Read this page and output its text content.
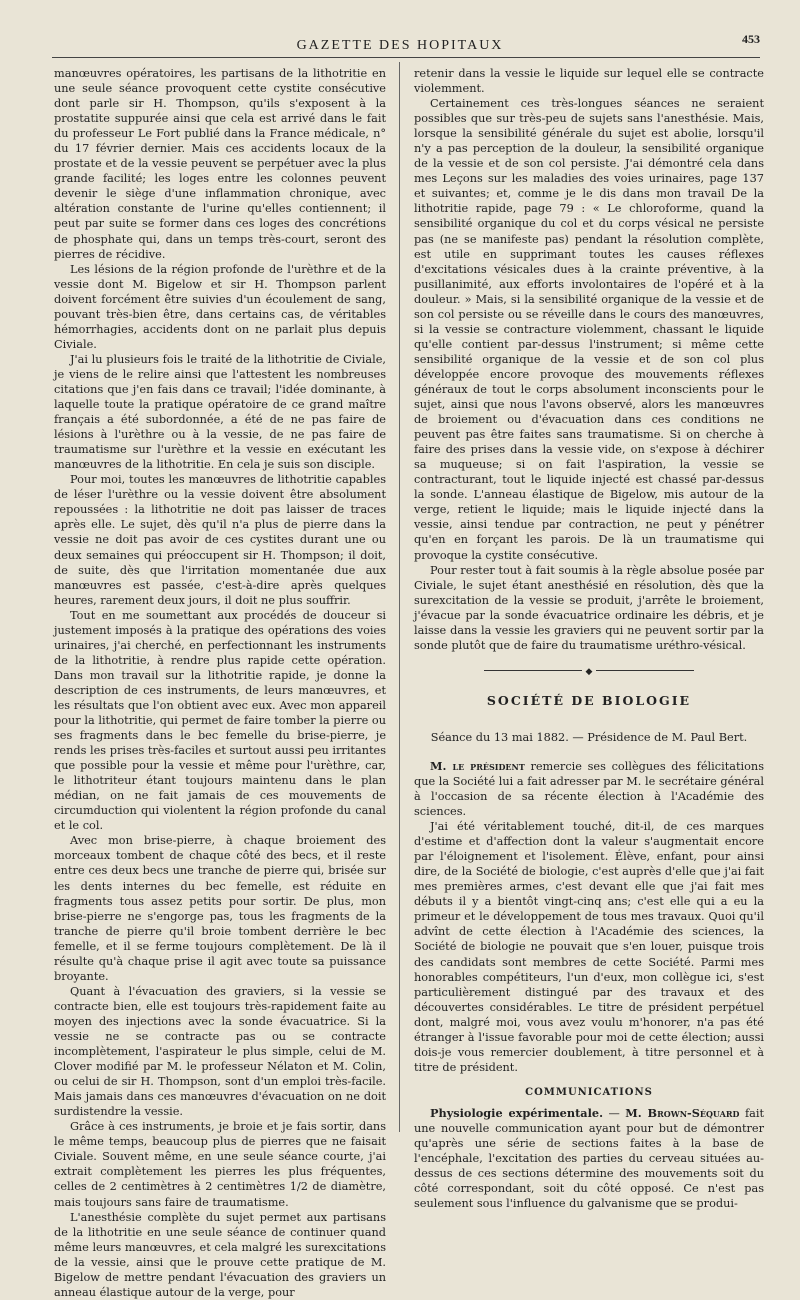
GAZETTE DES HOPITAUX	453

manœuvres opératoires, les partisans de la lithotritie en une seule séance provoquent cette cystite consécutive dont parle sir H. Thompson, qu'ils s'exposent à la prostatite suppurée ainsi que cela est arrivé dans le fait du professeur Le Fort publié dans la France médicale, n° du 17 février dernier. Mais ces accidents locaux de la prostate et de la vessie peuvent se perpétuer avec la plus grande facilité; les loges entre les colonnes peuvent devenir le siège d'une inflammation chronique, avec altération constante de l'urine qu'elles contiennent; il peut par suite se former dans ces loges des concrétions de phosphate qui, dans un temps très-court, seront des pierres de récidive.

Les lésions de la région profonde de l'urèthre et de la vessie dont M. Bigelow et sir H. Thompson parlent doivent forcément être suivies d'un écoulement de sang, pouvant très-bien être, dans certains cas, de véritables hémorrhagies, accidents dont on ne parlait plus depuis Civiale.

J'ai lu plusieurs fois le traité de la lithotritie de Civiale, je viens de le relire ainsi que l'attestent les nombreuses citations que j'en fais dans ce travail; l'idée dominante, à laquelle toute la pratique opératoire de ce grand maître français a été subordonnée, a été de ne pas faire de lésions à l'urèthre ou à la vessie, de ne pas faire de traumatisme sur l'urèthre et la vessie en exécutant les manœuvres de la lithotritie. En cela je suis son disciple.

Pour moi, toutes les manœuvres de lithotritie capables de léser l'urèthre ou la vessie doivent être absolument repoussées : la lithotritie ne doit pas laisser de traces après elle. Le sujet, dès qu'il n'a plus de pierre dans la vessie ne doit pas avoir de ces cystites durant une ou deux semaines qui préoccupent sir H. Thompson; il doit, de suite, dès que l'irritation momentanée due aux manœuvres est passée, c'est-à-dire après quelques heures, rarement deux jours, il doit ne plus souffrir.

Tout en me soumettant aux procédés de douceur si justement imposés à la pratique des opérations des voies urinaires, j'ai cherché, en perfectionnant les instruments de la lithotritie, à rendre plus rapide cette opération. Dans mon travail sur la lithotritie rapide, je donne la description de ces instruments, de leurs manœuvres, et les résultats que l'on obtient avec eux. Avec mon appareil pour la lithotritie, qui permet de faire tomber la pierre ou ses fragments dans le bec femelle du brise-pierre, je rends les prises très-faciles et surtout aussi peu irritantes que possible pour la vessie et même pour l'urèthre, car, le lithotriteur étant toujours maintenu dans le plan médian, on ne fait jamais de ces mouvements de circumduction qui violentent la région profonde du canal et le col.

Avec mon brise-pierre, à chaque broiement des morceaux tombent de chaque côté des becs, et il reste entre ces deux becs une tranche de pierre qui, brisée sur les dents internes du bec femelle, est réduite en fragments tous assez petits pour sortir. De plus, mon brise-pierre ne s'engorge pas, tous les fragments de la tranche de pierre qu'il broie tombent derrière le bec femelle, et il se ferme toujours complètement. De là il résulte qu'à chaque prise il agit avec toute sa puissance broyante.

Quant à l'évacuation des graviers, si la vessie se contracte bien, elle est toujours très-rapidement faite au moyen des injections avec la sonde évacuatrice. Si la vessie ne se contracte pas ou se contracte incomplètement, l'aspirateur le plus simple, celui de M. Clover modifié par M. le professeur Nélaton et M. Colin, ou celui de sir H. Thompson, sont d'un emploi très-facile. Mais jamais dans ces manœuvres d'évacuation on ne doit surdistendre la vessie.

Grâce à ces instruments, je broie et je fais sortir, dans le même temps, beaucoup plus de pierres que ne faisait Civiale. Souvent même, en une seule séance courte, j'ai extrait complètement les pierres les plus fréquentes, celles de 2 centimètres à 2 centimètres 1/2 de diamètre, mais toujours sans faire de traumatisme.

L'anesthésie complète du sujet permet aux partisans de la lithotritie en une seule séance de continuer quand même leurs manœuvres, et cela malgré les surexcitations de la vessie, ainsi que le prouve cette pratique de M. Bigelow de mettre pendant l'évacuation des graviers un anneau élastique autour de la verge, pour

retenir dans la vessie le liquide sur lequel elle se contracte violemment.

Certainement ces très-longues séances ne seraient possibles que sur très-peu de sujets sans l'anesthésie. Mais, lorsque la sensibilité générale du sujet est abolie, lorsqu'il n'y a pas perception de la douleur, la sensibilité organique de la vessie et de son col persiste. J'ai démontré cela dans mes Leçons sur les maladies des voies urinaires, page 137 et suivantes; et, comme je le dis dans mon travail De la lithotritie rapide, page 79 : « Le chloroforme, quand la sensibilité organique du col et du corps vésical ne persiste pas (ne se manifeste pas) pendant la résolution complète, est utile en supprimant toutes les causes réflexes d'excitations vésicales dues à la crainte préventive, à la pusillanimité, aux efforts involontaires de l'opéré et à la douleur. » Mais, si la sensibilité organique de la vessie et de son col persiste ou se réveille dans le cours des manœuvres, si la vessie se contracture violemment, chassant le liquide qu'elle contient par-dessus l'instrument; si même cette sensibilité organique de la vessie et de son col plus développée encore provoque des mouvements réflexes généraux de tout le corps absolument inconscients pour le sujet, ainsi que nous l'avons observé, alors les manœuvres de broiement ou d'évacuation dans ces conditions ne peuvent pas être faites sans traumatisme. Si on cherche à faire des prises dans la vessie vide, on s'expose à déchirer sa muqueuse; si on fait l'aspiration, la vessie se contracturant, tout le liquide injecté est chassé par-dessus la sonde. L'anneau élastique de Bigelow, mis autour de la verge, retient le liquide; mais le liquide injecté dans la vessie, ainsi tendue par contraction, ne peut y pénétrer qu'en en forçant les parois. De là un traumatisme qui provoque la cystite consécutive.

Pour rester tout à fait soumis à la règle absolue posée par Civiale, le sujet étant anesthésié en résolution, dès que la surexcitation de la vessie se produit, j'arrête le broiement, j'évacue par la sonde évacuatrice ordinaire les débris, et je laisse dans la vessie les graviers qui ne peuvent sortir par la sonde plutôt que de faire du traumatisme uréthro-vésical.

◆
SOCIÉTÉ DE BIOLOGIE
Séance du 13 mai 1882. — Présidence de M. Paul Bert.

M. le président remercie ses collègues des félicitations que la Société lui a fait adresser par M. le secrétaire général à l'occasion de sa récente élection à l'Académie des sciences.

J'ai été véritablement touché, dit-il, de ces marques d'estime et d'affection dont la valeur s'augmentait encore par l'éloignement et l'isolement. Élève, enfant, pour ainsi dire, de la Société de biologie, c'est auprès d'elle que j'ai fait mes premières armes, c'est devant elle que j'ai fait mes débuts il y a bientôt vingt-cinq ans; c'est elle qui a eu la primeur et le développement de tous mes travaux. Quoi qu'il advînt de cette élection à l'Académie des sciences, la Société de biologie ne pouvait que s'en louer, puisque trois des candidats sont membres de cette Société. Parmi mes honorables compétiteurs, l'un d'eux, mon collègue ici, s'est particulièrement distingué par des travaux et des découvertes considérables. Le titre de président perpétuel dont, malgré moi, vous avez voulu m'honorer, n'a pas été étranger à l'issue favorable pour moi de cette élection; aussi dois-je vous remercier doublement, à titre personnel et à titre de président.

COMMUNICATIONS

Physiologie expérimentale. — M. Brown-Séquard fait une nouvelle communication ayant pour but de démontrer qu'après une série de sections faites à la base de l'encéphale, l'excitation des parties du cerveau situées au-dessus de ces sections détermine des mouvements soit du côté correspondant, soit du côté opposé. Ce n'est pas seulement sous l'influence du galvanisme que se produi-
